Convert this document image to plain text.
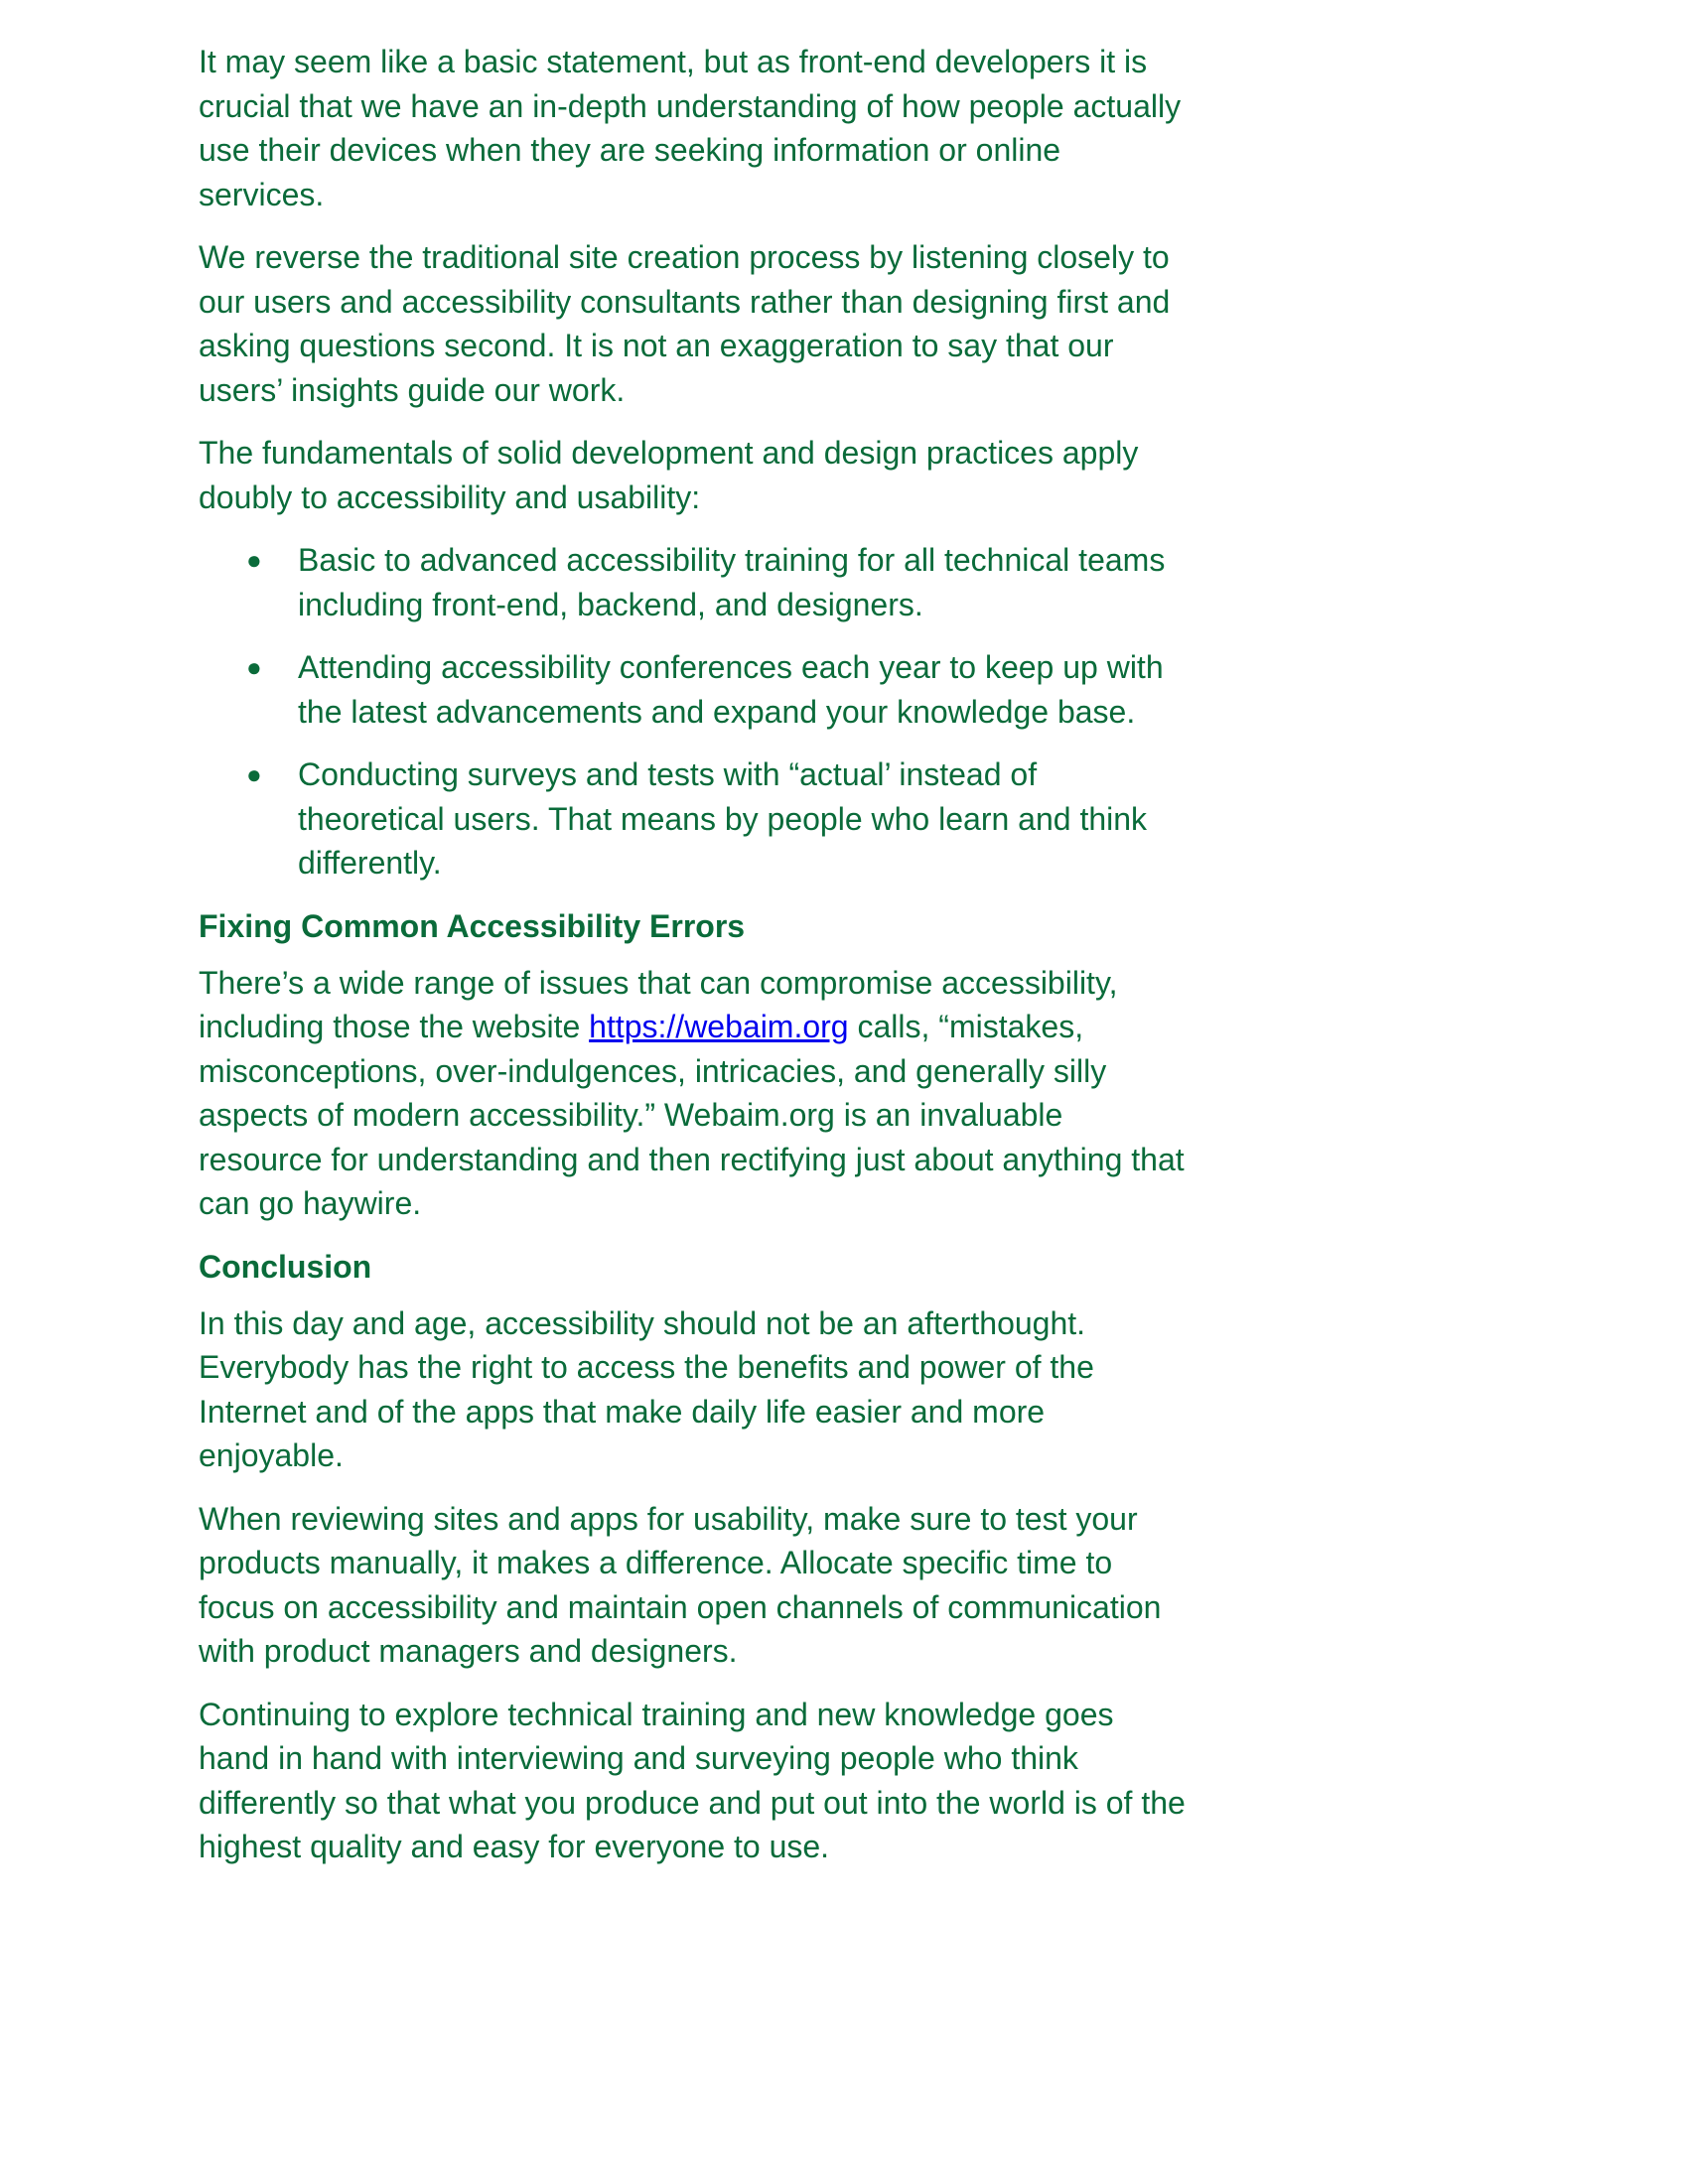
It may seem like a basic statement, but as front-end developers it is crucial that we have an in-depth understanding of how people actually use their devices when they are seeking information or online services.

We reverse the traditional site creation process by listening closely to our users and accessibility consultants rather than designing first and asking questions second. It is not an exaggeration to say that our users’ insights guide our work.

The fundamentals of solid development and design practices apply doubly to accessibility and usability:

● Basic to advanced accessibility training for all technical teams including front-end, backend, and designers.
● Attending accessibility conferences each year to keep up with the latest advancements and expand your knowledge base.
● Conducting surveys and tests with “actual’ instead of theoretical users. That means by people who learn and think differently.
Fixing Common Accessibility Errors

There’s a wide range of issues that can compromise accessibility, including those the website https://webaim.org calls, “mistakes, misconceptions, over-indulgences, intricacies, and generally silly aspects of modern accessibility.” Webaim.org is an invaluable resource for understanding and then rectifying just about anything that can go haywire.

Conclusion

In this day and age, accessibility should not be an afterthought. Everybody has the right to access the benefits and power of the Internet and of the apps that make daily life easier and more enjoyable.

When reviewing sites and apps for usability, make sure to test your products manually, it makes a difference. Allocate specific time to focus on accessibility and maintain open channels of communication with product managers and designers.

Continuing to explore technical training and new knowledge goes hand in hand with interviewing and surveying people who think differently so that what you produce and put out into the world is of the highest quality and easy for everyone to use.
